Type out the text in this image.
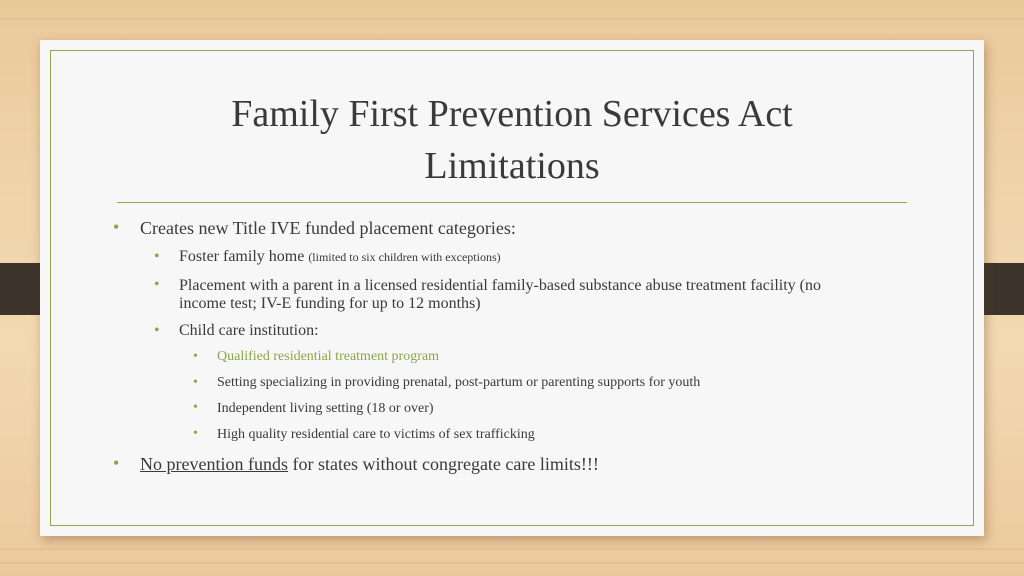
Family First Prevention Services Act
Limitations
• Creates new Title IVE funded placement categories:
• Foster family home (limited to six children with exceptions)
• Placement with a parent in a licensed residential family-based substance abuse treatment facility (no
income test; IV-E funding for up to 12 months)
• Child care institution:
• Qualified residential treatment program
• Setting specializing in providing prenatal, post-partum or parenting supports for youth
• Independent living setting (18 or over)
• High quality residential care to victims of sex trafficking
• No prevention funds for states without congregate care limits!!!
